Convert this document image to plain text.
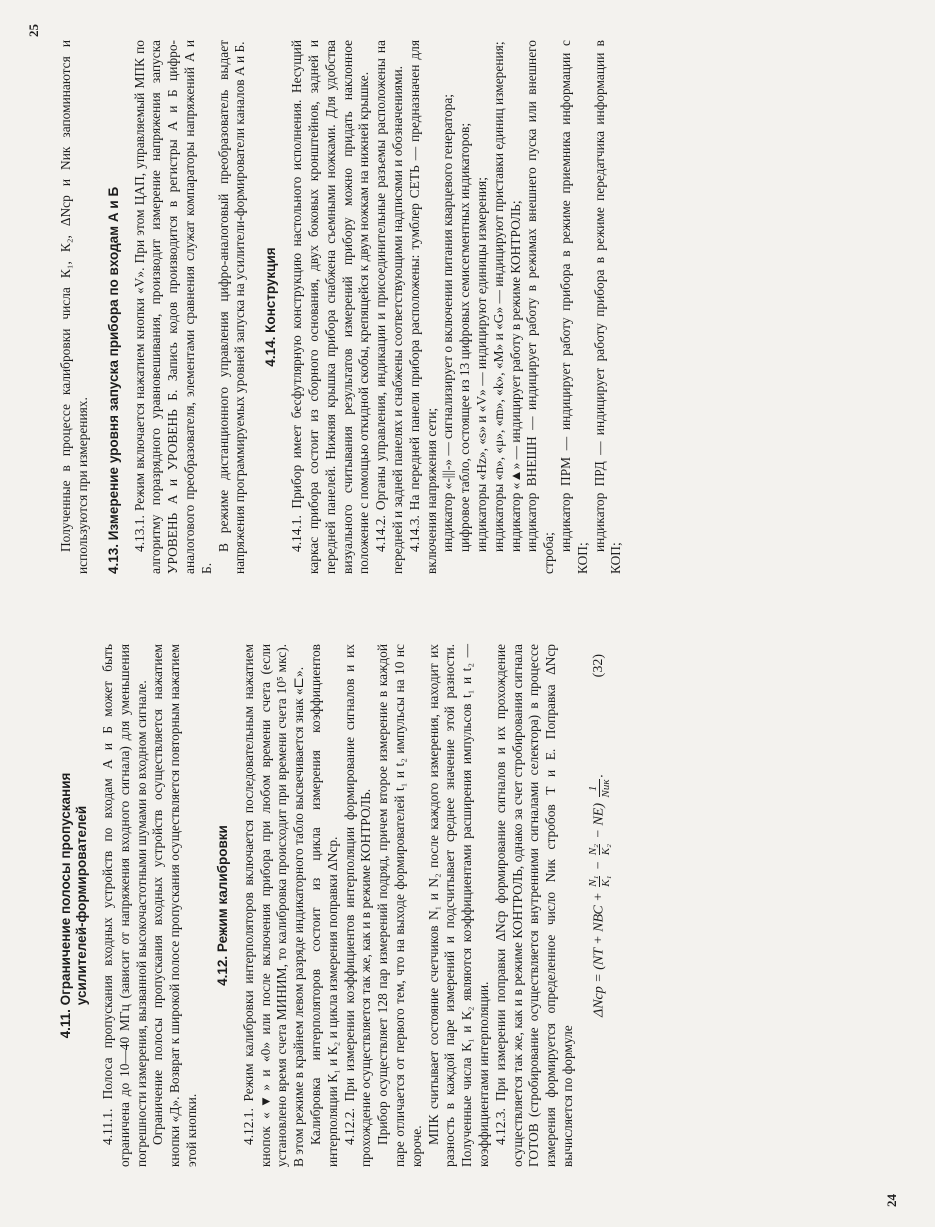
4.11. Ограничение полосы пропускания
усилителей-формирователей 4.11.1. Полоса пропускания входных устройств по входам А и Б может быть ограничена до 10—40 МГц (зависит от напряжения входного сигнала) для уменьшения погрешности измерения, вызванной высокочастотными шумами во входном сигнале. Ограничение полосы пропускания входных устройств осуществляется нажатием кнопки «Д». Возврат к широкой полосе пропускания осуществляется повторным нажатием этой кнопки.

4.12. Режим калибровки 4.12.1. Режим калибровки интерполяторов включается последовательным нажатием кнопок «▼» и «0» или после включения прибора при любом времени счета (если установлено время счета МИНИМ, то калибровка происходит при времени счета 10⁵ мкс). В этом режиме в крайнем левом разряде индикаторного табло высвечивается знак «⊏». Калибровка интерполяторов состоит из цикла измерения коэффициентов интерполяции К₁ и К₂ и цикла измерения поправки ΔNср. 4.12.2. При измерении коэффициентов интерполяции формирование сигналов и их прохождение осуществляется так же, как и в режиме КОНТРОЛЬ. Прибор осуществляет 128 пар измерений подряд, причем второе измерение в каждой паре отличается от первого тем, что на выходе формирователей t₁ и t₂ импульсы на 10 нс короче.

МПК считывает состояние счетчиков N₁ и N₂ после каждого измерения, находит их разность в каждой паре измерений и подсчитывает среднее значение этой разности. Полученные числа К₁ и К₂ являются коэффициентами расширения импульсов t₁ и t₂ — коэффициентами интерполяции. 4.12.3. При измерении поправки ΔNср формирование сигналов и их прохождение осуществляется так же, как и в режиме КОНТРОЛЬ, однако за счет стробирования сигнала ГОТОВ (стробирование осуществляется внутренними сигналами селектора) в процессе измерения формируется определенное число Nик стробов Т и Е. Поправка ΔNср вычисляется по формуле

ΔNср = (NT + NВС +
N₁ K₁
−
N₂ K₂
− NE)
1 Nик
.
(32)
24

Полученные в процессе калибровки числа К₁, К₂, ΔNср и Nик запоминаются и используются при измерениях. 4.13. Измерение уровня запуска прибора по входам А и Б 4.13.1. Режим включается нажатием кнопки «V». При этом ЦАП, управляемый МПК по алгоритму поразрядного уравновешивания, производит измерение напряжения запуска УРОВЕНЬ А и УРОВЕНЬ Б. Запись кодов производится в регистры А и Б цифро-аналогового преобразователя, элементами сравнения служат компараторы напряжений А и Б.

В режиме дистанционного управления цифро-аналоговый преобразователь выдает напряжения программируемых уровней запуска на усилители-формирователи каналов А и Б. 4.14. Конструкция 4.14.1. Прибор имеет бесфутлярную конструкцию настольного исполнения. Несущий каркас прибора состоит из сборного основания, двух боковых кронштейнов, задней и передней панелей. Нижняя крышка прибора снабжена съемными ножками. Для удобства визуального считывания результатов измерений прибору можно придать наклонное положение с помощью откидной скобы, крепящейся к двум ножкам на нижней крышке. 4.14.2. Органы управления, индикации и присоединительные разъемы расположены на передней и задней панелях и снабжены соответствующими надписями и обозначениями. 4.14.3. На передней панели прибора расположены: тумблер СЕТЬ — предназначен для включения напряжения сети; индикатор «-|||-» — сигнализирует о включении питания кварцевого генератора; цифровое табло, состоящее из 13 цифровых семисегментных индикаторов; индикаторы «Hz», «s» и «V» — индицируют единицы измерения; индикаторы «n», «μ», «m», «k», «M» и «G» — индицируют приставки единиц измерения; индикатор «▲» — индицирует работу в режиме КОНТРОЛЬ; индикатор ВНЕШН — индицирует работу в режимах внешнего пуска или внешнего строба;

индикатор ПРМ — индицирует работу прибора в режиме приемника информации с КОП;

индикатор ПРД — индицирует работу прибора в режиме передатчика информации в КОП;

25
